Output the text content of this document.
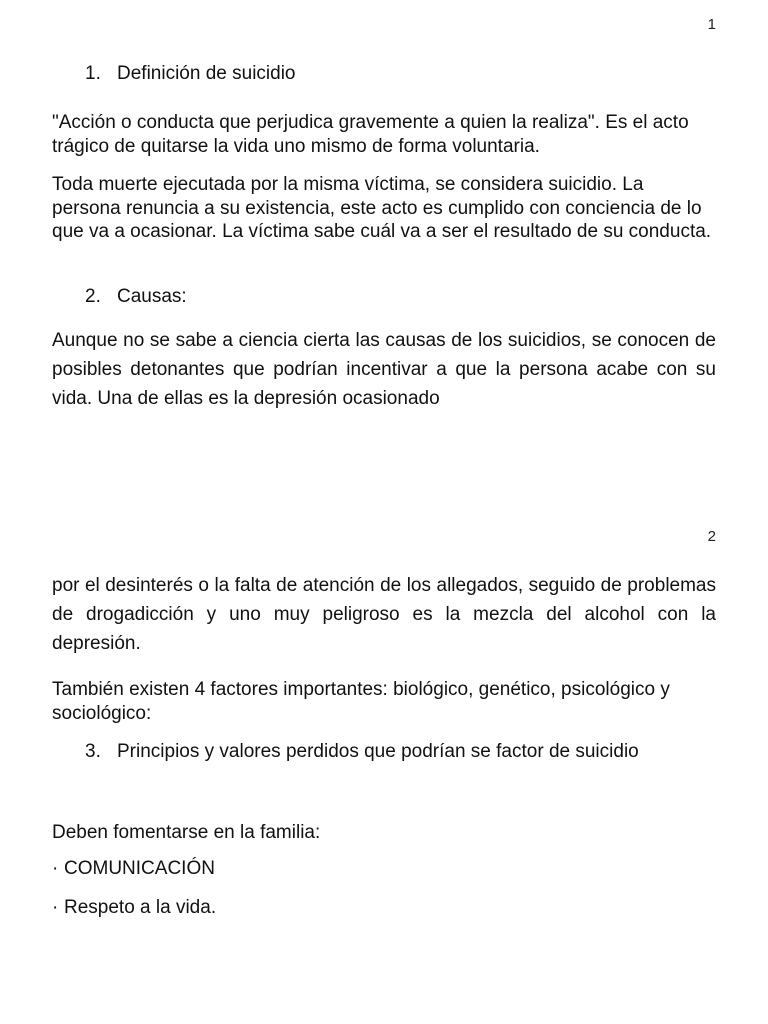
1
1. Definición de suicidio

"Acción o conducta que perjudica gravemente a quien la realiza". Es el acto trágico de quitarse la vida uno mismo de forma voluntaria.

Toda muerte ejecutada por la misma víctima, se considera suicidio. La persona renuncia a su existencia, este acto es cumplido con conciencia de lo que va a ocasionar. La víctima sabe cuál va a ser el resultado de su conducta.

2. Causas:

Aunque no se sabe a ciencia cierta las causas de los suicidios, se conocen de posibles detonantes que podrían incentivar a que la persona acabe con su vida. Una de ellas es la depresión ocasionado

2

por el desinterés o la falta de atención de los allegados, seguido de problemas de drogadicción y uno muy peligroso es la mezcla del alcohol con la depresión.

También existen 4 factores importantes: biológico, genético, psicológico y sociológico:

3. Principios y valores perdidos que podrían se factor de suicidio

Deben fomentarse en la familia:

· COMUNICACIÓN
· Respeto a la vida.
